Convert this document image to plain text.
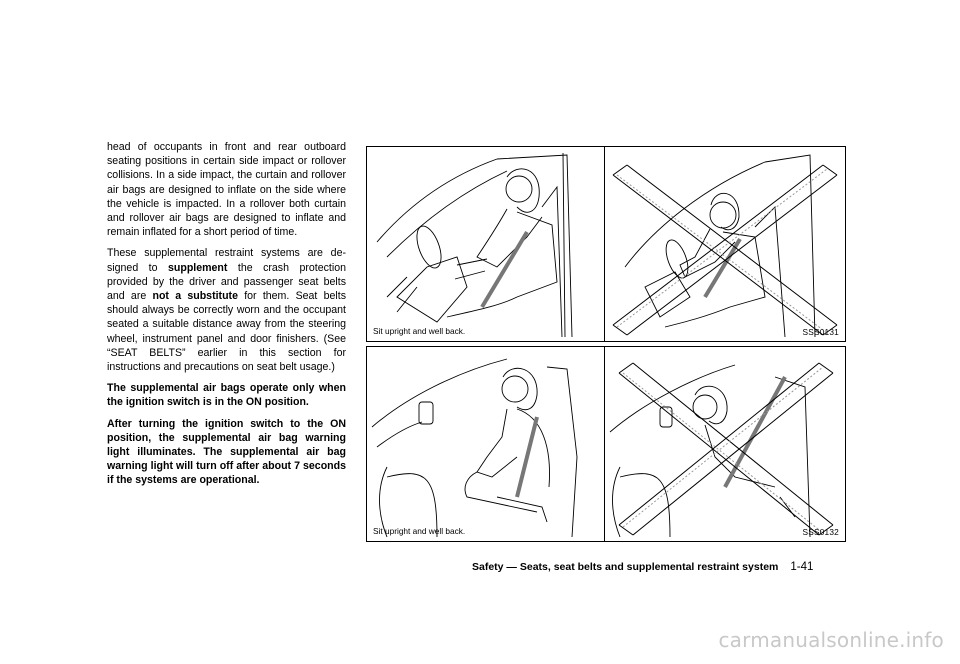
head of occupants in front and rear outboard seating positions in certain side impact or rollover collisions. In a side impact, the curtain and rollover air bags are designed to inflate on the side where the vehicle is impacted. In a rollover both curtain and rollover air bags are designed to inflate and remain inflated for a short period of time.

These supplemental restraint systems are de-signed to supplement the crash protection provided by the driver and passenger seat belts and are not a substitute for them. Seat belts should always be correctly worn and the occupant seated a suitable distance away from the steering wheel, instrument panel and door finishers. (See “SEAT BELTS” earlier in this section for instructions and precautions on seat belt usage.)

The supplemental air bags operate only when the ignition switch is in the ON position.

After turning the ignition switch to the ON position, the supplemental air bag warning light illuminates. The supplemental air bag warning light will turn off after about 7 seconds if the systems are operational.

Sit upright and well back.	SSS0131
Sit upright and well back.	SSS0132
Safety — Seats, seat belts and supplemental restraint system 1-41
carmanualsonline.info
